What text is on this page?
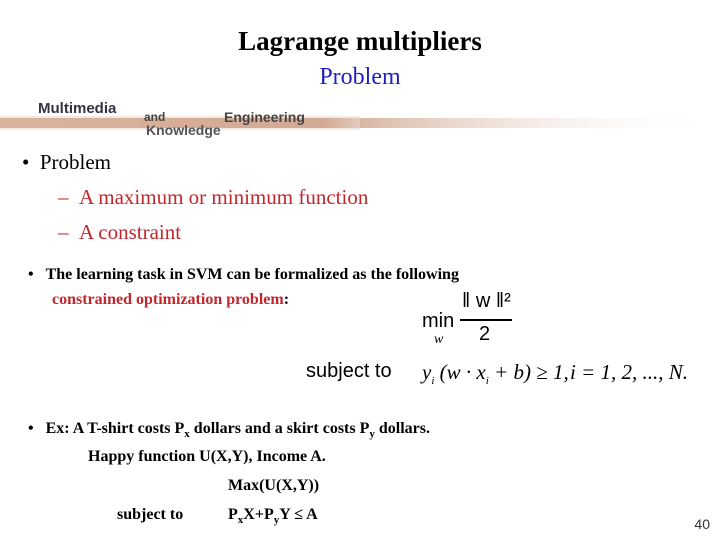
Lagrange multipliers
Problem
Multimedia and
Knowledge
Engineering
•  Problem
–  A maximum or minimum function
–  A constraint
•   The learning task in SVM can be formalized as the following
constrained optimization problem:
min
w
‖ w ‖²
2
subject to $y_i$ $(w \cdot x_i + b) \ge 1$, i = 1, 2, ..., N.
•   Ex: A T-shirt costs $P_x$ dollars and a skirt costs $P_y$ dollars.
Happy function U(X,Y), Income A.
Max(U(X,Y))
subject to	$P_xX+P_yY \le A$
40
